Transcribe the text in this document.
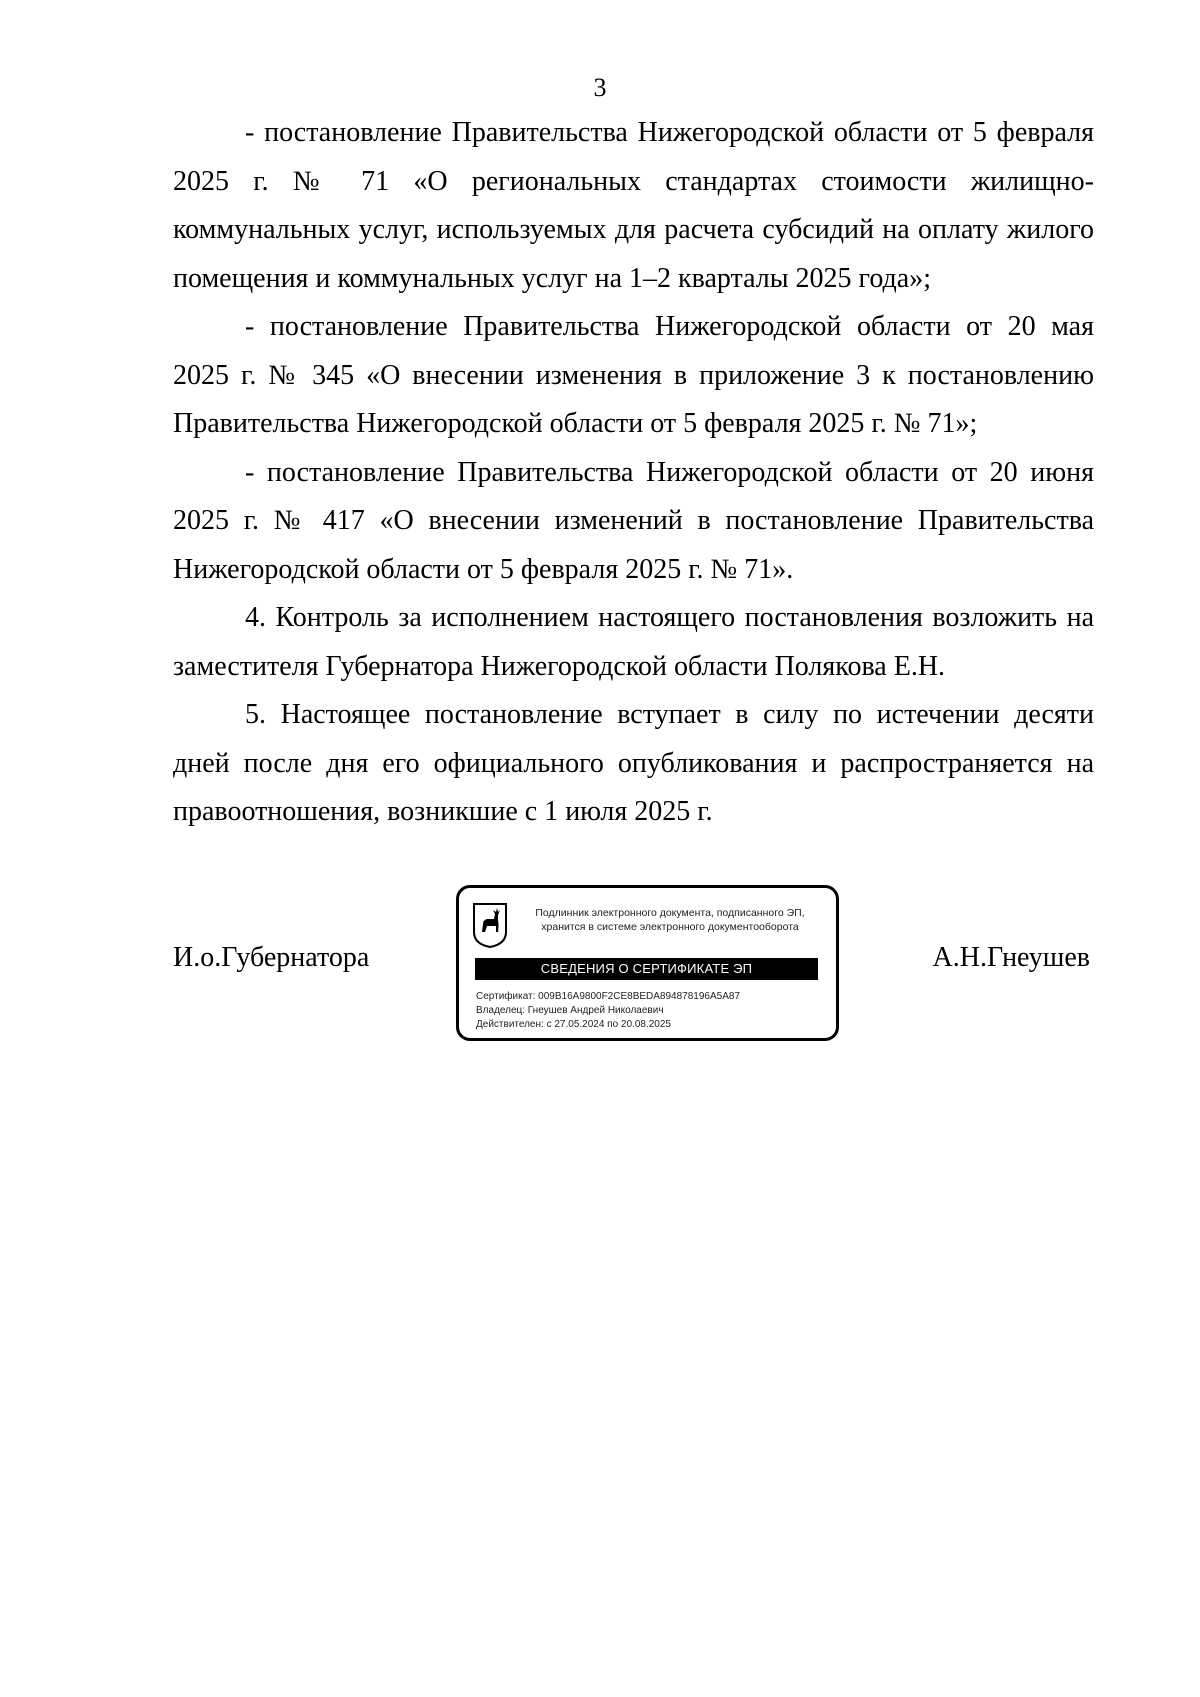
3

- постановление Правительства Нижегородской области от 5 февраля 2025 г. № 71 «О региональных стандартах стоимости жилищно-коммунальных услуг, используемых для расчета субсидий на оплату жилого помещения и коммунальных услуг на 1–2 кварталы 2025 года»;

- постановление Правительства Нижегородской области от 20 мая 2025 г. № 345 «О внесении изменения в приложение 3 к постановлению Правительства Нижегородской области от 5 февраля 2025 г. № 71»;

- постановление Правительства Нижегородской области от 20 июня 2025 г. № 417 «О внесении изменений в постановление Правительства Нижегородской области от 5 февраля 2025 г. № 71».

4. Контроль за исполнением настоящего постановления возложить на заместителя Губернатора Нижегородской области Полякова Е.Н.

5. Настоящее постановление вступает в силу по истечении десяти дней после дня его официального опубликования и распространяется на правоотношения, возникшие с 1 июля 2025 г.

И.о.Губернатора	А.Н.Гнеушев
Подлинник электронного документа, подписанного ЭП,
хранится в системе электронного документооборота
СВЕДЕНИЯ О СЕРТИФИКАТЕ ЭП
Сертификат: 009B16A9800F2CE8BEDA894878196A5A87
Владелец: Гнеушев Андрей Николаевич
Действителен: с 27.05.2024 по 20.08.2025
